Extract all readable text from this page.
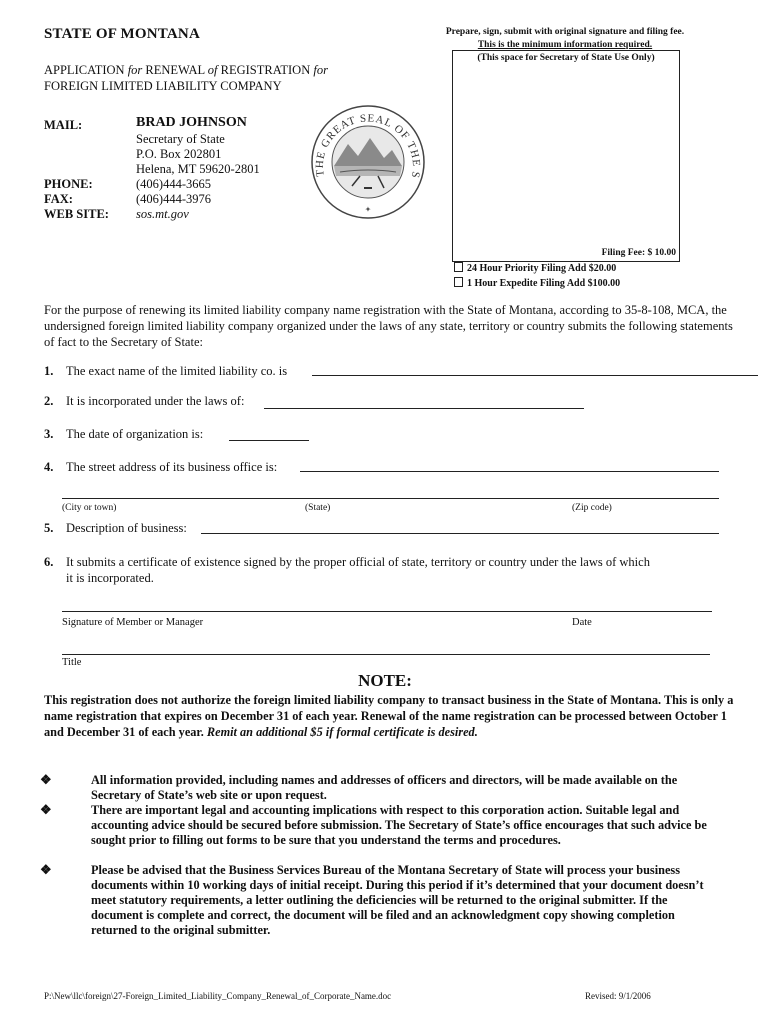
STATE OF MONTANA
APPLICATION for RENEWAL of REGISTRATION for
FOREIGN LIMITED LIABILITY COMPANY
Prepare, sign, submit with original signature and filing fee.
This is the minimum information required.
(This space for Secretary of State Use Only)
Filing Fee: $ 10.00
24 Hour Priority Filing Add $20.00
1 Hour Expedite Filing Add $100.00
MAIL:	BRAD JOHNSON
Secretary of State
P.O. Box 202801
Helena, MT 59620-2801
PHONE:	(406)444-3665
FAX:	(406)444-3976
WEB SITE: sos.mt.gov
THE GREAT SEAL OF THE S
✦
For the purpose of renewing its limited liability company name registration with the State of Montana, according to 35-8-108, MCA, the undersigned foreign limited liability company organized under the laws of any state, territory or country submits the following statements of fact to the Secretary of State:
1. The exact name of the limited liability co. is
2. It is incorporated under the laws of:
3. The date of organization is:
4. The street address of its business office is:
(City or town)	(State)	(Zip code)
5. Description of business:
6. It submits a certificate of existence signed by the proper official of state, territory or country under the laws of which
it is incorporated.
Signature of Member or Manager	Date
Title
NOTE:
This registration does not authorize the foreign limited liability company to transact business in the State of Montana. This is only a name registration that expires on December 31 of each year. Renewal of the name registration can be processed between October 1 and December 31 of each year. Remit an additional $5 if formal certificate is desired.
❖	All information provided, including names and addresses of officers and directors, will be made available on the Secretary of State’s web site or upon request.
❖	There are important legal and accounting implications with respect to this corporation action. Suitable legal and accounting advice should be secured before submission. The Secretary of State’s office encourages that such advice be sought prior to filling out forms to be sure that you understand the terms and procedures.
❖	Please be advised that the Business Services Bureau of the Montana Secretary of State will process your business documents within 10 working days of initial receipt. During this period if it’s determined that your document doesn’t meet statutory requirements, a letter outlining the deficiencies will be returned to the original submitter. If the document is complete and correct, the document will be filed and an acknowledgment copy showing completion returned to the original submitter.
P:\New\llc\foreign\27-Foreign_Limited_Liability_Company_Renewal_of_Corporate_Name.doc	Revised: 9/1/2006
